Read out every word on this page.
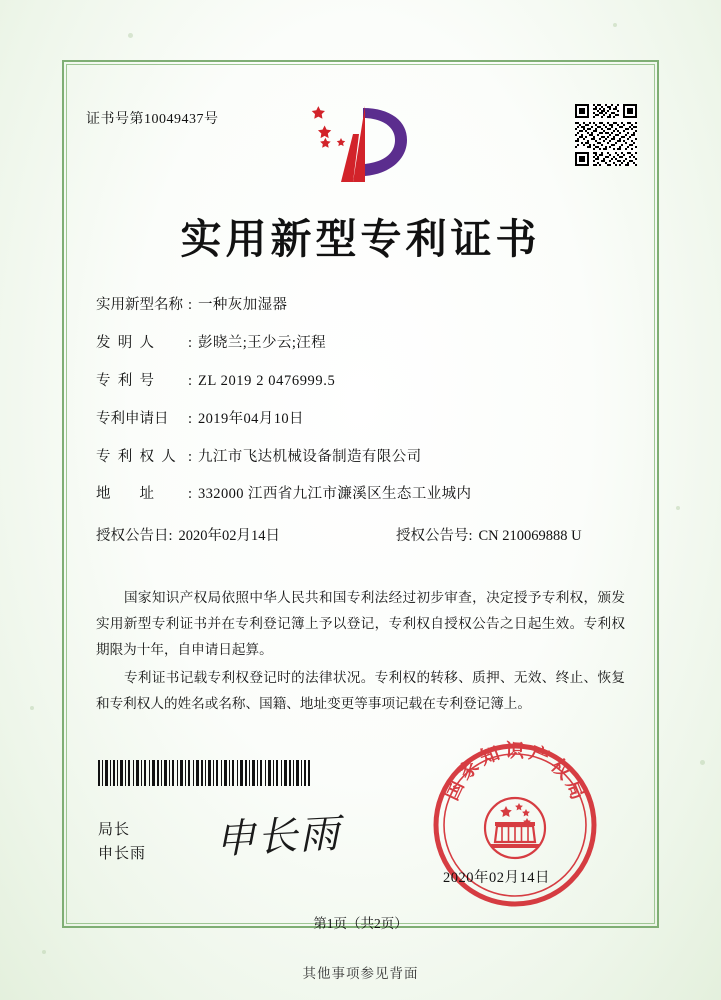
证书号第10049437号
实用新型专利证书
实用新型名称 : 一种灰加湿器
发  明  人	: 彭晓兰;王少云;汪程
专  利  号	: ZL 2019 2 0476999.5
专利申请日	: 2019年04月10日
专  利  权  人 : 九江市飞达机械设备制造有限公司
地        址	: 332000 江西省九江市濂溪区生态工业城内
授权公告日 : 2020年02月14日	授权公告号 : CN 210069888 U

国家知识产权局依照中华人民共和国专利法经过初步审查，决定授予专利权，颁发实用新型专利证书并在专利登记簿上予以登记，专利权自授权公告之日起生效。专利权期限为十年，自申请日起算。

专利证书记载专利权登记时的法律状况。专利权的转移、质押、无效、终止、恢复和专利权人的姓名或名称、国籍、地址变更等事项记载在专利登记簿上。

国家知识产权局
局长
申长雨 申长雨
2020年02月14日
第1页（共2页）
其他事项参见背面
